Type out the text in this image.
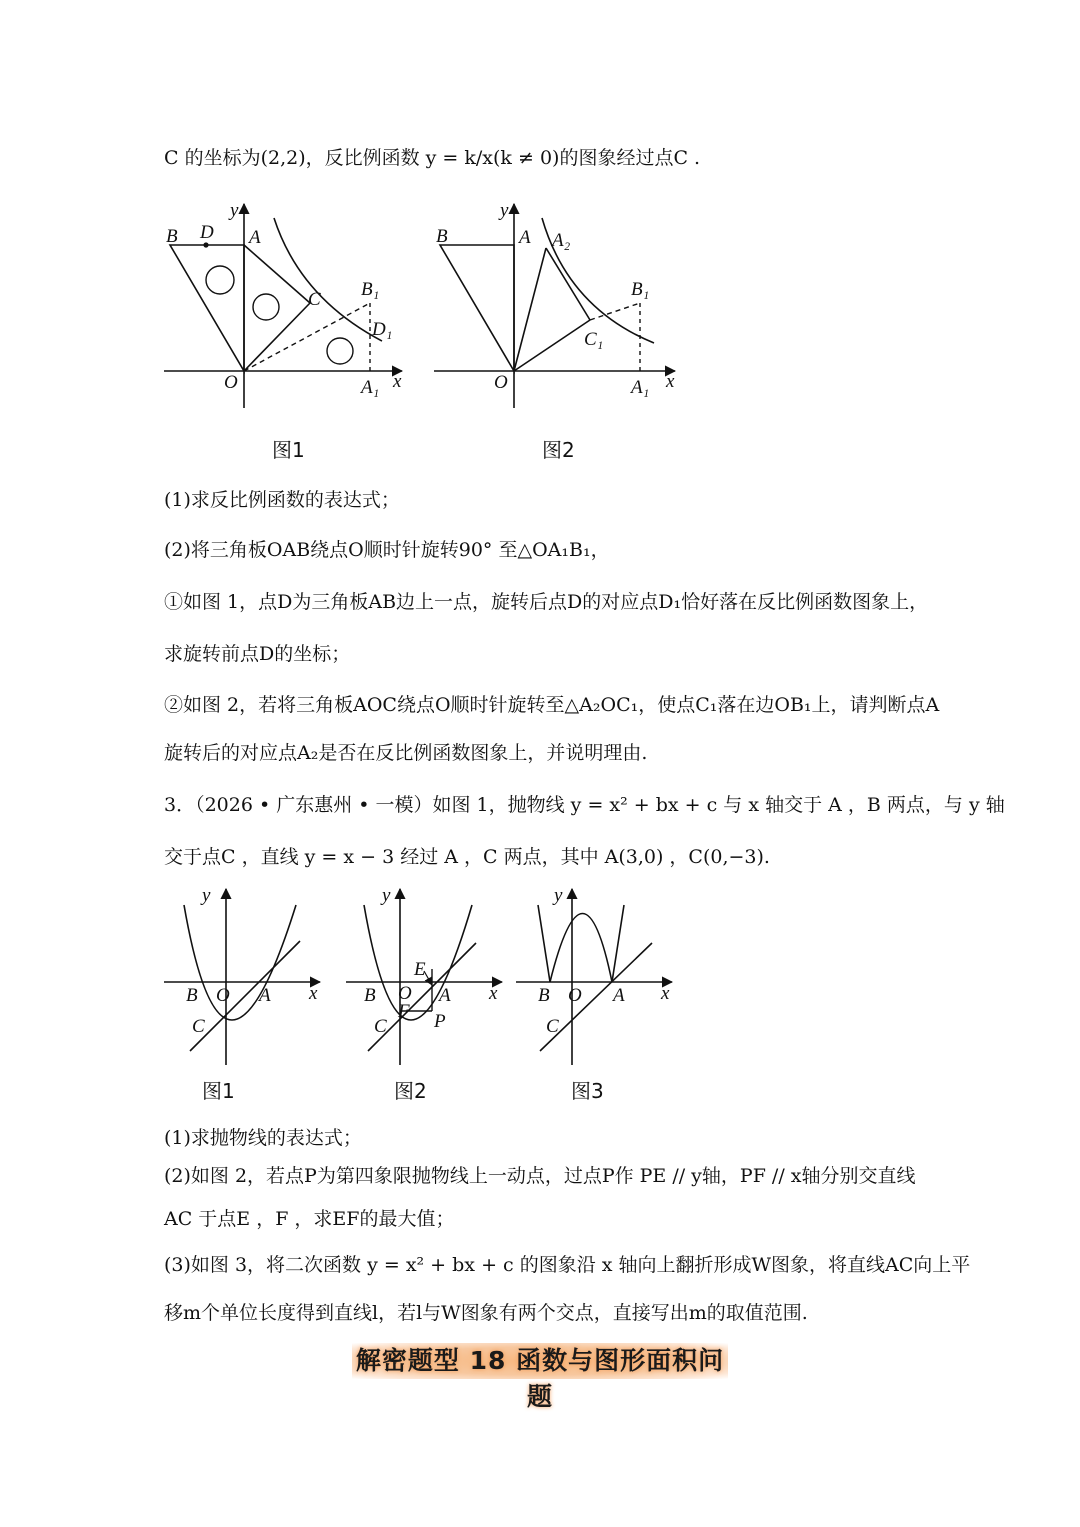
C 的坐标为(2,2)，反比例函数 y = k/x(k ≠ 0)的图象经过点C .
B D A
C
O	x
y
A₁
B₁
D₁
图1
B	A A₂
C₁
O	x
y
A₁
B₁
图2
(1)求反比例函数的表达式；
(2)将三角板OAB绕点O顺时针旋转90° 至△OA₁B₁，
①如图 1，点D为三角板AB边上一点，旋转后点D的对应点D₁恰好落在反比例函数图象上，
求旋转前点D的坐标；
②如图 2，若将三角板AOC绕点O顺时针旋转至△A₂OC₁，使点C₁落在边OB₁上，请判断点A
旋转后的对应点A₂是否在反比例函数图象上，并说明理由.
3．（2026 • 广东惠州 • 一模）如图 1，抛物线 y = x² + bx + c 与 x 轴交于 A ，B 两点，与 y 轴
交于点C ，直线 y = x − 3 经过 A ，C 两点，其中 A(3,0) ，C(0,−3).
B O A
C
x
y
图1
B O A
E
F P
C
x
y
图2
B O A
C
x
y
图3
(1)求抛物线的表达式；
(2)如图 2，若点P为第四象限抛物线上一动点，过点P作 PE // y轴，PF // x轴分别交直线
AC 于点E ，F ，求EF的最大值；
(3)如图 3，将二次函数 y = x² + bx + c 的图象沿 x 轴向上翻折形成W图象，将直线AC向上平
移m个单位长度得到直线l，若l与W图象有两个交点，直接写出m的取值范围.
解密题型 18 函数与图形面积问题
